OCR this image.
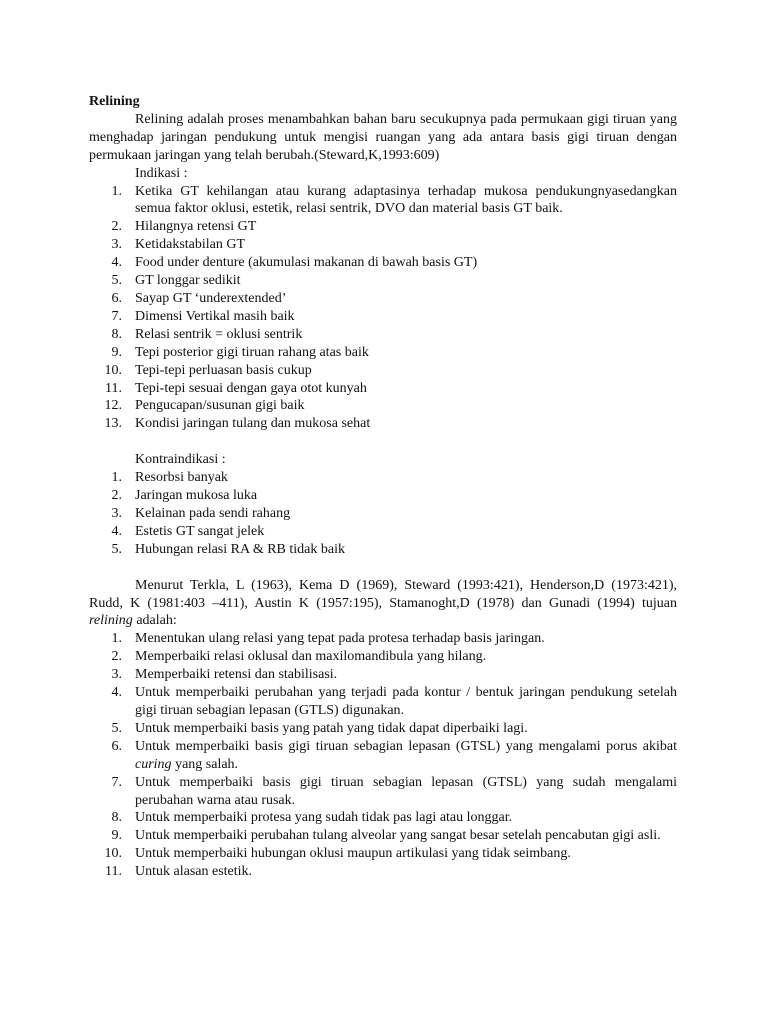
Relining

Relining adalah proses menambahkan bahan baru secukupnya pada permukaan gigi tiruan yang menghadap jaringan pendukung untuk mengisi ruangan yang ada antara basis gigi tiruan dengan permukaan jaringan yang telah berubah.(Steward,K,1993:609)

Indikasi :

1. Ketika GT kehilangan atau kurang adaptasinya terhadap mukosa pendukungnyasedangkan semua faktor oklusi, estetik, relasi sentrik, DVO dan material basis GT baik.
2. Hilangnya retensi GT
3. Ketidakstabilan GT
4. Food under denture (akumulasi makanan di bawah basis GT)
5. GT longgar sedikit
6. Sayap GT ‘underextended’
7. Dimensi Vertikal masih baik
8. Relasi sentrik = oklusi sentrik
9. Tepi posterior gigi tiruan rahang atas baik
10. Tepi-tepi perluasan basis cukup
11. Tepi-tepi sesuai dengan gaya otot kunyah
12. Pengucapan/susunan gigi baik
13. Kondisi jaringan tulang dan mukosa sehat

Kontraindikasi :

1. Resorbsi banyak
2. Jaringan mukosa luka
3. Kelainan pada sendi rahang
4. Estetis GT sangat jelek
5. Hubungan relasi RA & RB tidak baik

Menurut Terkla, L (1963), Kema D (1969), Steward (1993:421), Henderson,D (1973:421), Rudd, K (1981:403 –411), Austin K (1957:195), Stamanoght,D (1978) dan Gunadi (1994) tujuan relining adalah:

1. Menentukan ulang relasi yang tepat pada protesa terhadap basis jaringan.
2. Memperbaiki relasi oklusal dan maxilomandibula yang hilang.
3. Memperbaiki retensi dan stabilisasi.
4. Untuk memperbaiki perubahan yang terjadi pada kontur / bentuk jaringan pendukung setelah gigi tiruan sebagian lepasan (GTLS) digunakan.
5. Untuk memperbaiki basis yang patah yang tidak dapat diperbaiki lagi.
6. Untuk memperbaiki basis gigi tiruan sebagian lepasan (GTSL) yang mengalami porus akibat curing yang salah.
7. Untuk memperbaiki basis gigi tiruan sebagian lepasan (GTSL) yang sudah mengalami perubahan warna atau rusak.
8. Untuk memperbaiki protesa yang sudah tidak pas lagi atau longgar.
9. Untuk memperbaiki perubahan tulang alveolar yang sangat besar setelah pencabutan gigi asli.
10. Untuk memperbaiki hubungan oklusi maupun artikulasi yang tidak seimbang.
11. Untuk alasan estetik.
